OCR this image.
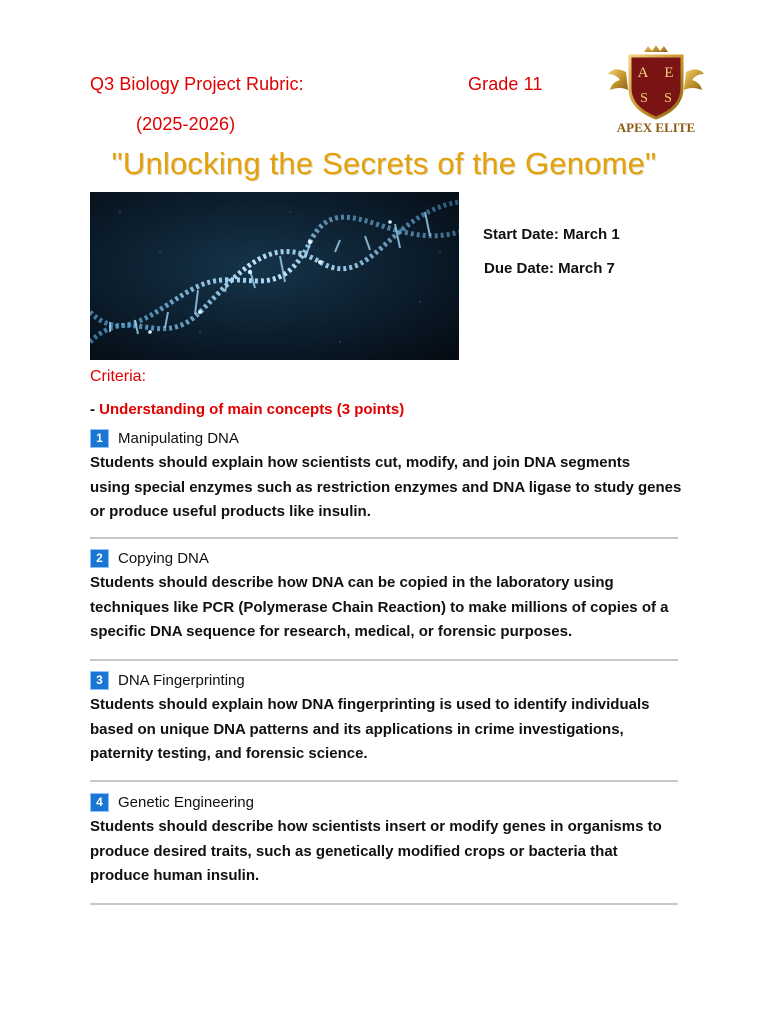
Q3 Biology Project Rubric:	Grade 11
(2025-2026)
A E
S S
APEX ELITE
"Unlocking the Secrets of the Genome"
Start Date: March 1
Due Date: March 7
Criteria:
- Understanding of main concepts (3 points)
1	Manipulating DNA
Students should explain how scientists cut, modify, and join DNA segments
using special enzymes such as restriction enzymes and DNA ligase to study genes
or produce useful products like insulin.
2	Copying DNA
Students should describe how DNA can be copied in the laboratory using
techniques like PCR (Polymerase Chain Reaction) to make millions of copies of a
specific DNA sequence for research, medical, or forensic purposes.
3	DNA Fingerprinting
Students should explain how DNA fingerprinting is used to identify individuals
based on unique DNA patterns and its applications in crime investigations,
paternity testing, and forensic science.
4	Genetic Engineering
Students should describe how scientists insert or modify genes in organisms to
produce desired traits, such as genetically modified crops or bacteria that
produce human insulin.
